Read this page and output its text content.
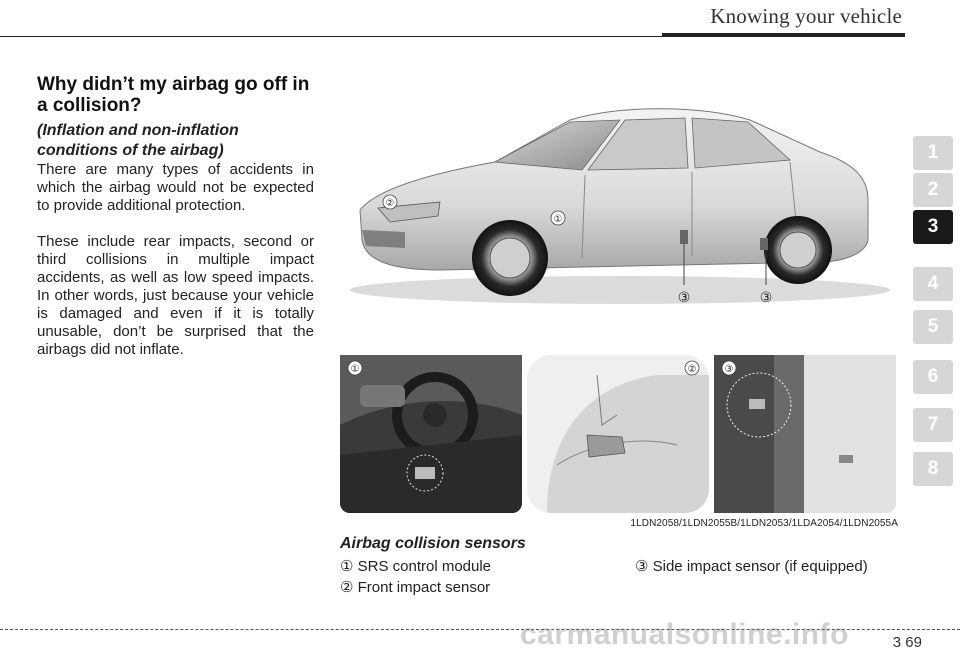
Knowing your vehicle
Why didn’t my airbag go off in a collision?
(Inflation and non-inflation conditions of the airbag)

There are many types of accidents in which the airbag would not be expected to provide additional protection.

These include rear impacts, second or third collisions in multiple impact accidents, as well as low speed impacts. In other words, just because your vehicle is damaged and even if it is totally unusable, don’t be surprised that the airbags did not inflate.

②
①
③	③
①	②	③
1LDN2058/1LDN2055B/1LDN2053/1LDA2054/1LDN2055A
Airbag collision sensors
① SRS control module
② Front impact sensor
③ Side impact sensor (if equipped)
1
2
3
4
5
6
7
8
carmanualsonline.info	3 69
